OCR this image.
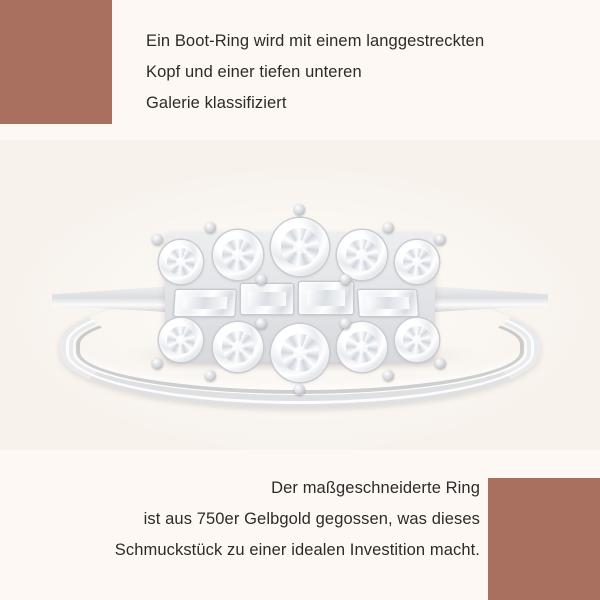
Ein Boot-Ring wird mit einem langgestreckten
Kopf und einer tiefen unteren
Galerie klassifiziert
Der maßgeschneiderte Ring
ist aus 750er Gelbgold gegossen, was dieses
Schmuckstück zu einer idealen Investition macht.
